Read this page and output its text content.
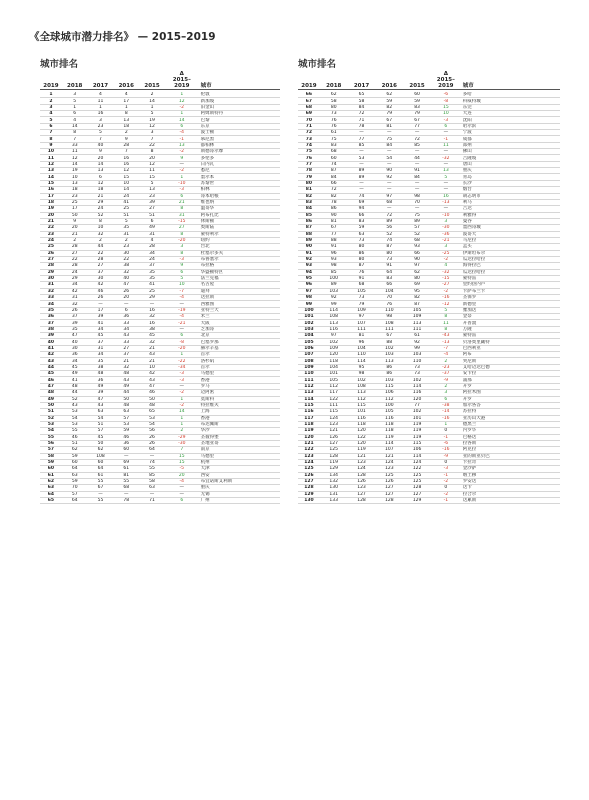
《全球城市潜力排名》 — 2015–2019
城市排名	城市排名
2019	2018	2017	2016	2015
Δ
2015–
2019	城市
1	3	4	4	2	1	伦敦
2	5	11	17	14	12	新加坡
3	1	1	1	1	-2	旧金山
4	6	16	8	5	1	阿姆斯特丹
5	4	3	13	19	14	巴黎
6	14	23	18	12	6	东京
7	8	5	2	3	-4	波士顿
8	7	7	9	7	-1	慕尼黑
9	33	40	28	22	13	都柏林
10	11	9	7	8	-2	斯德哥尔摩
11	12	20	16	20	9	多伦多
12	14	14	16	12	—	日内瓦
13	19	13	12	11	-2	悉尼
14	10	6	15	15	1	墨尔本
15	13	12	10	5	-10	苏黎世
16	18	18	14	13	-3	柏林
17	23	21	24	23	6	哥本哈根
18	25	29	41	39	21	维也纳
19	17	24	25	27	8	温哥华
20	50	52	51	51	31	阿布扎比
21	9	8	5	6	-15	休斯顿
22	20	10	35	49	27	奥斯陆
23	21	32	31	31	8	蒙特利尔
24	2	2	2	4	-20	纽约
25	28	44	23	28	3	台北
26	27	22	30	34	8	杜塞尔多夫
27	22	28	22	24	-3	布鲁塞尔
28	28	27	38	37	9	布拉格
29	24	37	32	35	6	华盛顿特区
30	29	30	40	35	5	法兰克福
31	34	42	47	41	10	名古屋
32	42	46	26	25	-7	迪拜
33	31	26	20	29	-4	达拉斯
34	32	—	—	—	—	西雅图
35	26	17	6	16	-19	亚特兰大
36	37	39	36	32	-4	米兰
37	39	41	33	16	-21	大阪
38	35	34	34	38	—	芝加哥
39	47	45	43	45	6	北京
40	40	37	33	32	-8	巴塞罗那
41	30	31	27	21	-20	赫尔辛基
42	36	34	37	43	1	首尔
43	34	35	21	21	-22	洛杉矶
44	45	38	32	10	-34	首尔
45	49	48	48	42	-3	马德里
46	41	36	43	43	-3	香港
47	48	49	49	47	—	罗马
48	44	39	44	46	-2	迈阿密
49	52	47	50	50	1	莫斯科
50	43	43	48	48	-2	特拉维夫
51	53	63	63	65	14	上海
52	54	54	57	53	1	香港
53	53	51	53	54	1	布达佩斯
54	55	57	59	56	2	华沙
55	46	45	46	26	-29	圣彼得堡
56	51	50	36	26	-30	圣地亚哥
57	62	62	60	64	7	南京
58	59	108	—	—	15	马德里
59	60	60	69	74	15	杭州
60	64	64	61	55	-5	天津
61	63	61	81	85	20	西安
62	59	55	55	58	-4	布宜诺斯艾利斯
63	70	67	68	63	—	重庆
64	57	—	—	—	—	无锡
65	64	55	78	71	6	广州
2019	2018	2017	2016	2015
Δ
2015–
2019	城市
66	62	65	62	60	-6	多哈
67	58	58	59	59	-8	科威特城
68	80	84	82	83	15	东莞
69	73	72	79	79	10	大连
70	76	71	67	67	-3	沈阳
71	76	78	81	77	6	哈尔滨
72	61	—	—	—	—	宁波
73	75	77	75	72	-1	成都
74	83	85	84	85	11	郑州
75	68	—	—	—	—	佛山
76	60	53	54	44	-32	吉隆坡
77	74	—	—	—	—	唐山
78	87	89	90	91	13	重庆
79	84	89	92	84	5	青岛
80	66	—	—	—	—	长沙
81	72	—	—	—	—	烟台
82	82	74	97	98	16	胡志明市
83	78	69	68	70	-13	利马
84	86	94	—	—	—	吉达
85	90	66	72	75	-10	利雅得
86	81	83	89	89	3	曼谷
87	67	59	56	57	-30	墨西哥城
88	77	63	52	52	-36	波哥大
89	88	73	74	68	-21	马尼拉
90	91	80	87	93	3	孟买
91	96	86	80	66	-25	伊斯坦布尔
92	93	80	73	90	-2	瓜达拉哈拉
93	98	87	91	97	4	海得拉巴
94	85	76	64	62	-32	瓜达拉哈拉
95	100	91	83	80	-15	蒙特雷
96	89	68	66	69	-27	里约热内卢
97	103	105	104	95	-2	卡萨布兰卡
98	92	73	70	82	-16	圣保罗
99	99	79	76	87	-12	新德里
100	114	109	110	105	5	雅加达
101	108	97	98	109	8	金奈
102	113	107	108	113	11	开普敦
103	116	111	111	111	8	万隆
104	97	81	67	61	-43	蒙特雷
105	102	96	88	92	-13	贝洛奥里藏特
106	109	104	102	99	-7	巴西利亚
107	120	110	103	103	-4	阿布
108	118	114	113	110	2	突尼斯
109	104	95	86	73	-23	艾哈迈达巴德
110	101	98	86	73	-37	安卡拉
111	105	102	103	102	-9	浦那
112	112	108	115	114	2	开罗
113	117	113	106	116	3	阿拉木图
114	122	112	112	120	6	开罗
115	111	115	100	77	-38	加尔各答
116	115	101	105	102	-14	苏拉特
117	124	116	116	101	-16	亚历山大港
118	123	118	118	119	1	德黑兰
119	121	120	118	119	0	内罗毕
120	126	122	119	119	-1	巴格达
121	127	120	114	115	-6	拉各斯
122	125	119	107	106	-16	阿克拉
123	128	121	121	114	-9	亚的斯亚贝巴
124	119	123	124	124	0	卡拉奇
125	129	124	123	122	-3	金沙萨
126	134	128	125	125	-1	喀土穆
127	132	126	126	125	-2	罗安达
128	130	123	127	128	0	达卡
129	131	127	127	127	-2	拉合尔
130	133	128	128	129	-1	达累斯
